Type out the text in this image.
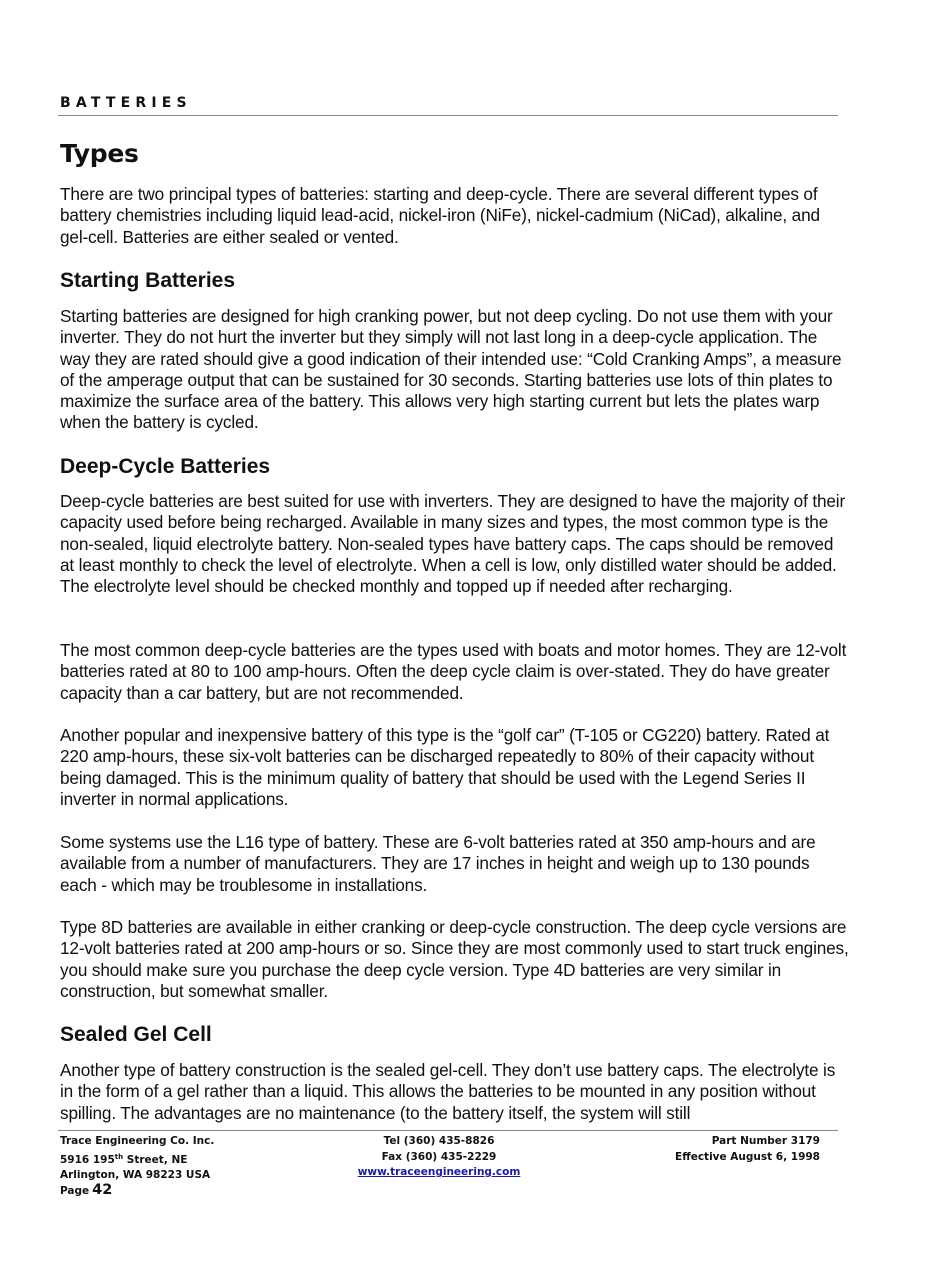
BATTERIES
Types

There are two principal types of batteries: starting and deep-cycle. There are several different types of battery chemistries including liquid lead-acid, nickel-iron (NiFe), nickel-cadmium (NiCad), alkaline, and gel-cell. Batteries are either sealed or vented.

Starting Batteries

Starting batteries are designed for high cranking power, but not deep cycling. Do not use them with your inverter. They do not hurt the inverter but they simply will not last long in a deep-cycle application. The way they are rated should give a good indication of their intended use: “Cold Cranking Amps”, a measure of the amperage output that can be sustained for 30 seconds. Starting batteries use lots of thin plates to maximize the surface area of the battery. This allows very high starting current but lets the plates warp when the battery is cycled.

Deep-Cycle Batteries

Deep-cycle batteries are best suited for use with inverters. They are designed to have the majority of their capacity used before being recharged. Available in many sizes and types, the most common type is the non-sealed, liquid electrolyte battery. Non-sealed types have battery caps. The caps should be removed at least monthly to check the level of electrolyte. When a cell is low, only distilled water should be added. The electrolyte level should be checked monthly and topped up if needed after recharging.

The most common deep-cycle batteries are the types used with boats and motor homes. They are 12-volt batteries rated at 80 to 100 amp-hours. Often the deep cycle claim is over-stated. They do have greater capacity than a car battery, but are not recommended.

Another popular and inexpensive battery of this type is the “golf car” (T-105 or CG220) battery. Rated at 220 amp-hours, these six-volt batteries can be discharged repeatedly to 80% of their capacity without being damaged. This is the minimum quality of battery that should be used with the Legend Series II inverter in normal applications.

Some systems use the L16 type of battery. These are 6-volt batteries rated at 350 amp-hours and are available from a number of manufacturers. They are 17 inches in height and weigh up to 130 pounds each - which may be troublesome in installations.

Type 8D batteries are available in either cranking or deep-cycle construction. The deep cycle versions are 12-volt batteries rated at 200 amp-hours or so. Since they are most commonly used to start truck engines, you should make sure you purchase the deep cycle version. Type 4D batteries are very similar in construction, but somewhat smaller.

Sealed Gel Cell

Another type of battery construction is the sealed gel-cell. They don’t use battery caps. The electrolyte is in the form of a gel rather than a liquid. This allows the batteries to be mounted in any position without spilling. The advantages are no maintenance (to the battery itself, the system will still

Trace Engineering Co. Inc.
5916 195th Street, NE
Arlington, WA 98223 USA
Tel (360) 435-8826
Fax (360) 435-2229
www.traceengineering.com
Part Number 3179
Effective August 6, 1998
Page 42
